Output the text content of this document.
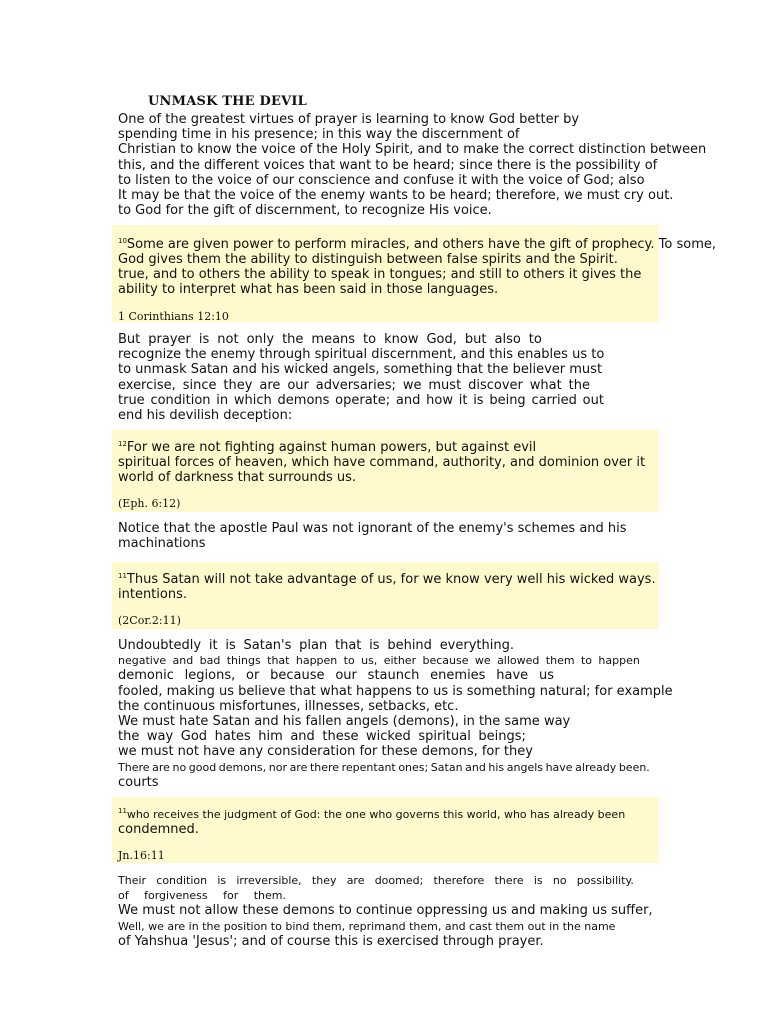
UNMASK THE DEVIL
One of the greatest virtues of prayer is learning to know God better by
spending time in his presence; in this way the discernment of
Christian to know the voice of the Holy Spirit, and to make the correct distinction between
this, and the different voices that want to be heard; since there is the possibility of
to listen to the voice of our conscience and confuse it with the voice of God; also
It may be that the voice of the enemy wants to be heard; therefore, we must cry out.
to God for the gift of discernment, to recognize His voice.
$^{10}$Some are given power to perform miracles, and others have the gift of prophecy. To some,
God gives them the ability to distinguish between false spirits and the Spirit.
true, and to others the ability to speak in tongues; and still to others it gives the
ability to interpret what has been said in those languages.
1 Corinthians 12:10
But prayer is not only the means to know God, but also to
recognize the enemy through spiritual discernment, and this enables us to
to unmask Satan and his wicked angels, something that the believer must
exercise, since they are our adversaries; we must discover what the
true condition in which demons operate; and how it is being carried out
end his devilish deception:
$^{12}$For we are not fighting against human powers, but against evil
spiritual forces of heaven, which have command, authority, and dominion over it
world of darkness that surrounds us.
(Eph. 6:12)
Notice that the apostle Paul was not ignorant of the enemy's schemes and his
machinations
$^{11}$Thus Satan will not take advantage of us, for we know very well his wicked ways.
intentions.
(2Cor.2:11)
Undoubtedly it is Satan's plan that is behind everything.
negative and bad things that happen to us, either because we allowed them to happen
demonic legions, or because our staunch enemies have us
fooled, making us believe that what happens to us is something natural; for example
the continuous misfortunes, illnesses, setbacks, etc.
We must hate Satan and his fallen angels (demons), in the same way
the way God hates him and these wicked spiritual beings;
we must not have any consideration for these demons, for they
There are no good demons, nor are there repentant ones; Satan and his angels have already been.
courts
$^{11}$who receives the judgment of God: the one who governs this world, who has already been
condemned.
Jn.16:11
Their condition is irreversible, they are doomed; therefore there is no possibility.
of forgiveness for them.
We must not allow these demons to continue oppressing us and making us suffer,
Well, we are in the position to bind them, reprimand them, and cast them out in the name
of Yahshua 'Jesus'; and of course this is exercised through prayer.
